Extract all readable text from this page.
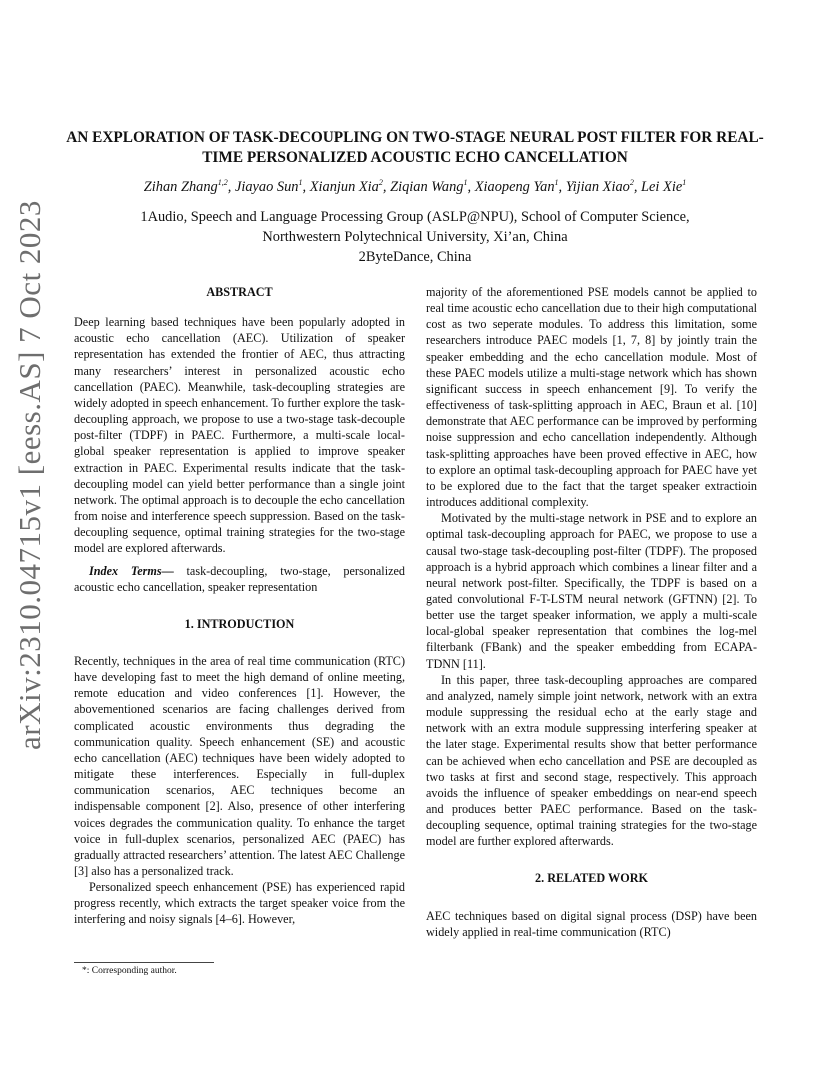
arXiv:2310.04715v1 [eess.AS] 7 Oct 2023
AN EXPLORATION OF TASK-DECOUPLING ON TWO-STAGE NEURAL POST FILTER FOR REAL-TIME PERSONALIZED ACOUSTIC ECHO CANCELLATION
Zihan Zhang$^{1,2}$, Jiayao Sun$^1$, Xianjun Xia$^2$, Ziqian Wang$^1$, Xiaopeng Yan$^1$, Yijian Xiao$^2$, Lei Xie$^1$
1Audio, Speech and Language Processing Group (ASLP@NPU), School of Computer Science,
Northwestern Polytechnical University, Xi’an, China
2ByteDance, China

ABSTRACT

Deep learning based techniques have been popularly adopted in acoustic echo cancellation (AEC). Utilization of speaker representation has extended the frontier of AEC, thus attracting many researchers’ interest in personalized acoustic echo cancellation (PAEC). Meanwhile, task-decoupling strategies are widely adopted in speech enhancement. To further explore the task-decoupling approach, we propose to use a two-stage task-decouple post-filter (TDPF) in PAEC. Furthermore, a multi-scale local-global speaker representation is applied to improve speaker extraction in PAEC. Experimental results indicate that the task-decoupling model can yield better performance than a single joint network. The optimal approach is to decouple the echo cancellation from noise and interference speech suppression. Based on the task-decoupling sequence, optimal training strategies for the two-stage model are explored afterwards.

Index Terms— task-decoupling, two-stage, personalized acoustic echo cancellation, speaker representation

1. INTRODUCTION

Recently, techniques in the area of real time communication (RTC) have developing fast to meet the high demand of online meeting, remote education and video conferences [1]. However, the abovementioned scenarios are facing challenges derived from complicated acoustic environments thus degrading the communication quality. Speech enhancement (SE) and acoustic echo cancellation (AEC) techniques have been widely adopted to mitigate these interferences. Especially in full-duplex communication scenarios, AEC techniques become an indispensable component [2]. Also, presence of other interfering voices degrades the communication quality. To enhance the target voice in full-duplex scenarios, personalized AEC (PAEC) has gradually attracted researchers’ attention. The latest AEC Challenge [3] also has a personalized track.

Personalized speech enhancement (PSE) has experienced rapid progress recently, which extracts the target speaker voice from the interfering and noisy signals [4–6]. However,

majority of the aforementioned PSE models cannot be applied to real time acoustic echo cancellation due to their high computational cost as two seperate modules. To address this limitation, some researchers introduce PAEC models [1, 7, 8] by jointly train the speaker embedding and the echo cancellation module. Most of these PAEC models utilize a multi-stage network which has shown significant success in speech enhancement [9]. To verify the effectiveness of task-splitting approach in AEC, Braun et al. [10] demonstrate that AEC performance can be improved by performing noise suppression and echo cancellation independently. Although task-splitting approaches have been proved effective in AEC, how to explore an optimal task-decoupling approach for PAEC have yet to be explored due to the fact that the target speaker extractioin introduces additional complexity.

Motivated by the multi-stage network in PSE and to explore an optimal task-decoupling approach for PAEC, we propose to use a causal two-stage task-decoupling post-filter (TDPF). The proposed approach is a hybrid approach which combines a linear filter and a neural network post-filter. Specifically, the TDPF is based on a gated convolutional F-T-LSTM neural network (GFTNN) [2]. To better use the target speaker information, we apply a multi-scale local-global speaker representation that combines the log-mel filterbank (FBank) and the speaker embedding from ECAPA-TDNN [11].

In this paper, three task-decoupling approaches are compared and analyzed, namely simple joint network, network with an extra module suppressing the residual echo at the early stage and network with an extra module suppressing interfering speaker at the later stage. Experimental results show that better performance can be achieved when echo cancellation and PSE are decoupled as two tasks at first and second stage, respectively. This approach avoids the influence of speaker embeddings on near-end speech and produces better PAEC performance. Based on the task-decoupling sequence, optimal training strategies for the two-stage model are further explored afterwards.

2. RELATED WORK

AEC techniques based on digital signal process (DSP) have been widely applied in real-time communication (RTC)

*: Corresponding author.
